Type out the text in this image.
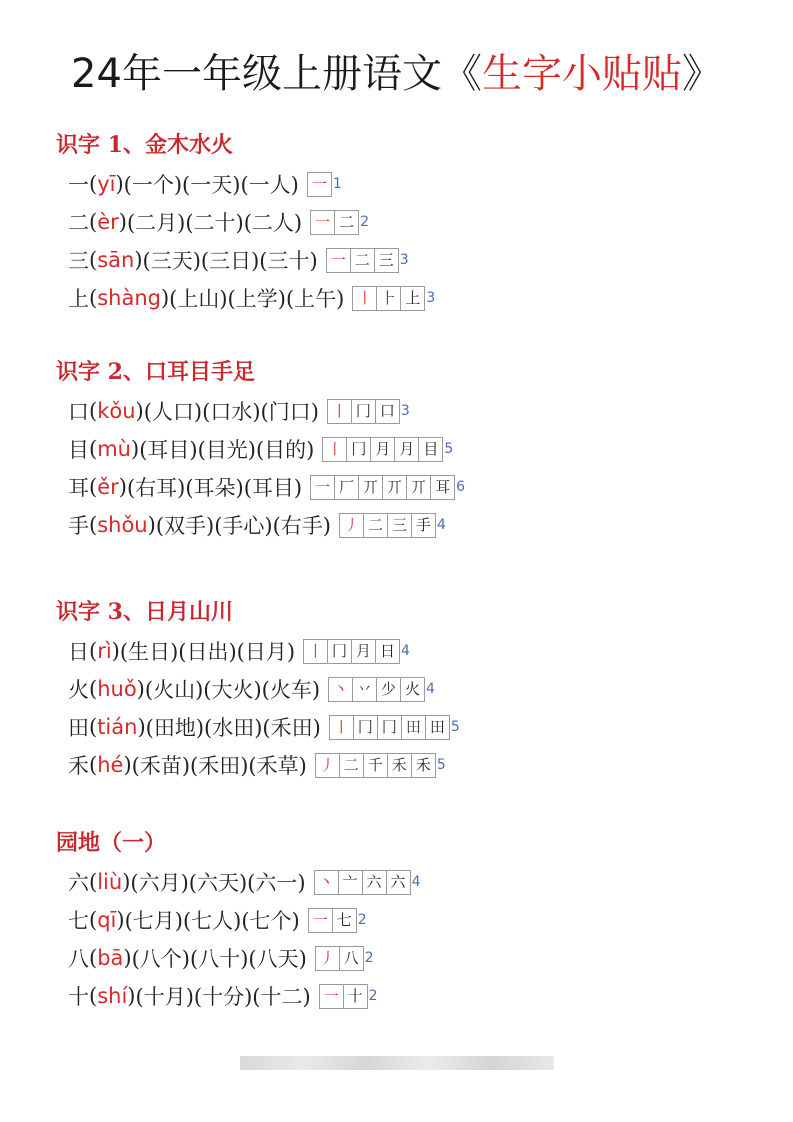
24年一年级上册语文《生字小贴贴》
识字 1、金木水火
一 ( yī ) (一个)(一天)(一人) 一 1
二 ( èr ) (二月)(二十)(二人) 一 二 2
三 ( sān ) (三天)(三日)(三十) 一 二 三 3
上 ( shàng ) (上山)(上学)(上午) 丨 ⺊ 上 3
识字 2、口耳目手足
口 ( kǒu ) (人口)(口水)(门口) 丨 冂 口 3
目 ( mù ) (耳目)(目光)(目的) 丨 冂 月 月 目 5
耳 ( ěr ) (右耳)(耳朵)(耳目) 一 厂 丌 丌 丌 耳 6
手 ( shǒu ) (双手)(手心)(右手) 丿 二 三 手 4
识字 3、日月山川
日 ( rì ) (生日)(日出)(日月) 丨 冂 月 日 4
火 ( huǒ ) (火山)(大火)(火车) 丶 丷 少 火 4
田 ( tián ) (田地)(水田)(禾田) 丨 冂 冂 田 田 5
禾 ( hé ) (禾苗)(禾田)(禾草) 丿 二 千 禾 禾 5
园地（一）
六 ( liù ) (六月)(六天)(六一) 丶 亠 六 六 4
七 ( qī ) (七月)(七人)(七个) 一 七 2
八 ( bā ) (八个)(八十)(八天) 丿 八 2
十 ( shí ) (十月)(十分)(十二) 一 十 2
